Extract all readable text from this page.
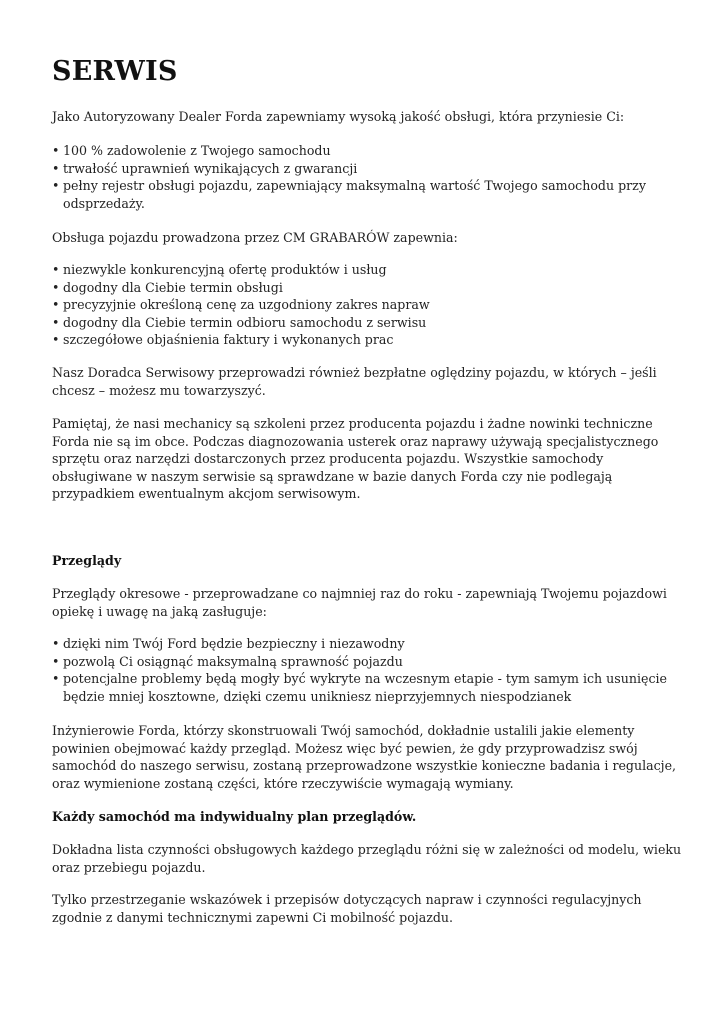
SERWIS

Jako Autoryzowany Dealer Forda zapewniamy wysoką jakość obsługi, która przyniesie Ci:

• 100 % zadowolenie z Twojego samochodu
• trwałość uprawnień wynikających z gwarancji
• pełny rejestr obsługi pojazdu, zapewniający maksymalną wartość Twojego samochodu przy odsprzedaży.

Obsługa pojazdu prowadzona przez CM GRABARÓW zapewnia:

• niezwykle konkurencyjną ofertę produktów i usług
• dogodny dla Ciebie termin obsługi
• precyzyjnie określoną cenę za uzgodniony zakres napraw
• dogodny dla Ciebie termin odbioru samochodu z serwisu
• szczegółowe objaśnienia faktury i wykonanych prac

Nasz Doradca Serwisowy przeprowadzi również bezpłatne oględziny pojazdu, w których – jeśli chcesz – możesz mu towarzyszyć.

Pamiętaj, że nasi mechanicy są szkoleni przez producenta pojazdu i żadne nowinki techniczne Forda nie są im obce. Podczas diagnozowania usterek oraz naprawy używają specjalistycznego sprzętu oraz narzędzi dostarczonych przez producenta pojazdu. Wszystkie samochody obsługiwane w naszym serwisie są sprawdzane w bazie danych Forda czy nie podlegają przypadkiem ewentualnym akcjom serwisowym.

Przeglądy

Przeglądy okresowe - przeprowadzane co najmniej raz do roku - zapewniają Twojemu pojazdowi opiekę i uwagę na jaką zasługuje:

• dzięki nim Twój Ford będzie bezpieczny i niezawodny
• pozwolą Ci osiągnąć maksymalną sprawność pojazdu
• potencjalne problemy będą mogły być wykryte na wczesnym etapie - tym samym ich usunięcie będzie mniej kosztowne, dzięki czemu unikniesz nieprzyjemnych niespodzianek

Inżynierowie Forda, którzy skonstruowali Twój samochód, dokładnie ustalili jakie elementy powinien obejmować każdy przegląd. Możesz więc być pewien, że gdy przyprowadzisz swój samochód do naszego serwisu, zostaną przeprowadzone wszystkie konieczne badania i regulacje, oraz wymienione zostaną części, które rzeczywiście wymagają wymiany.

Każdy samochód ma indywidualny plan przeglądów.

Dokładna lista czynności obsługowych każdego przeglądu różni się w zależności od modelu, wieku oraz przebiegu pojazdu.

Tylko przestrzeganie wskazówek i przepisów dotyczących napraw i czynności regulacyjnych zgodnie z danymi technicznymi zapewni Ci mobilność pojazdu.
